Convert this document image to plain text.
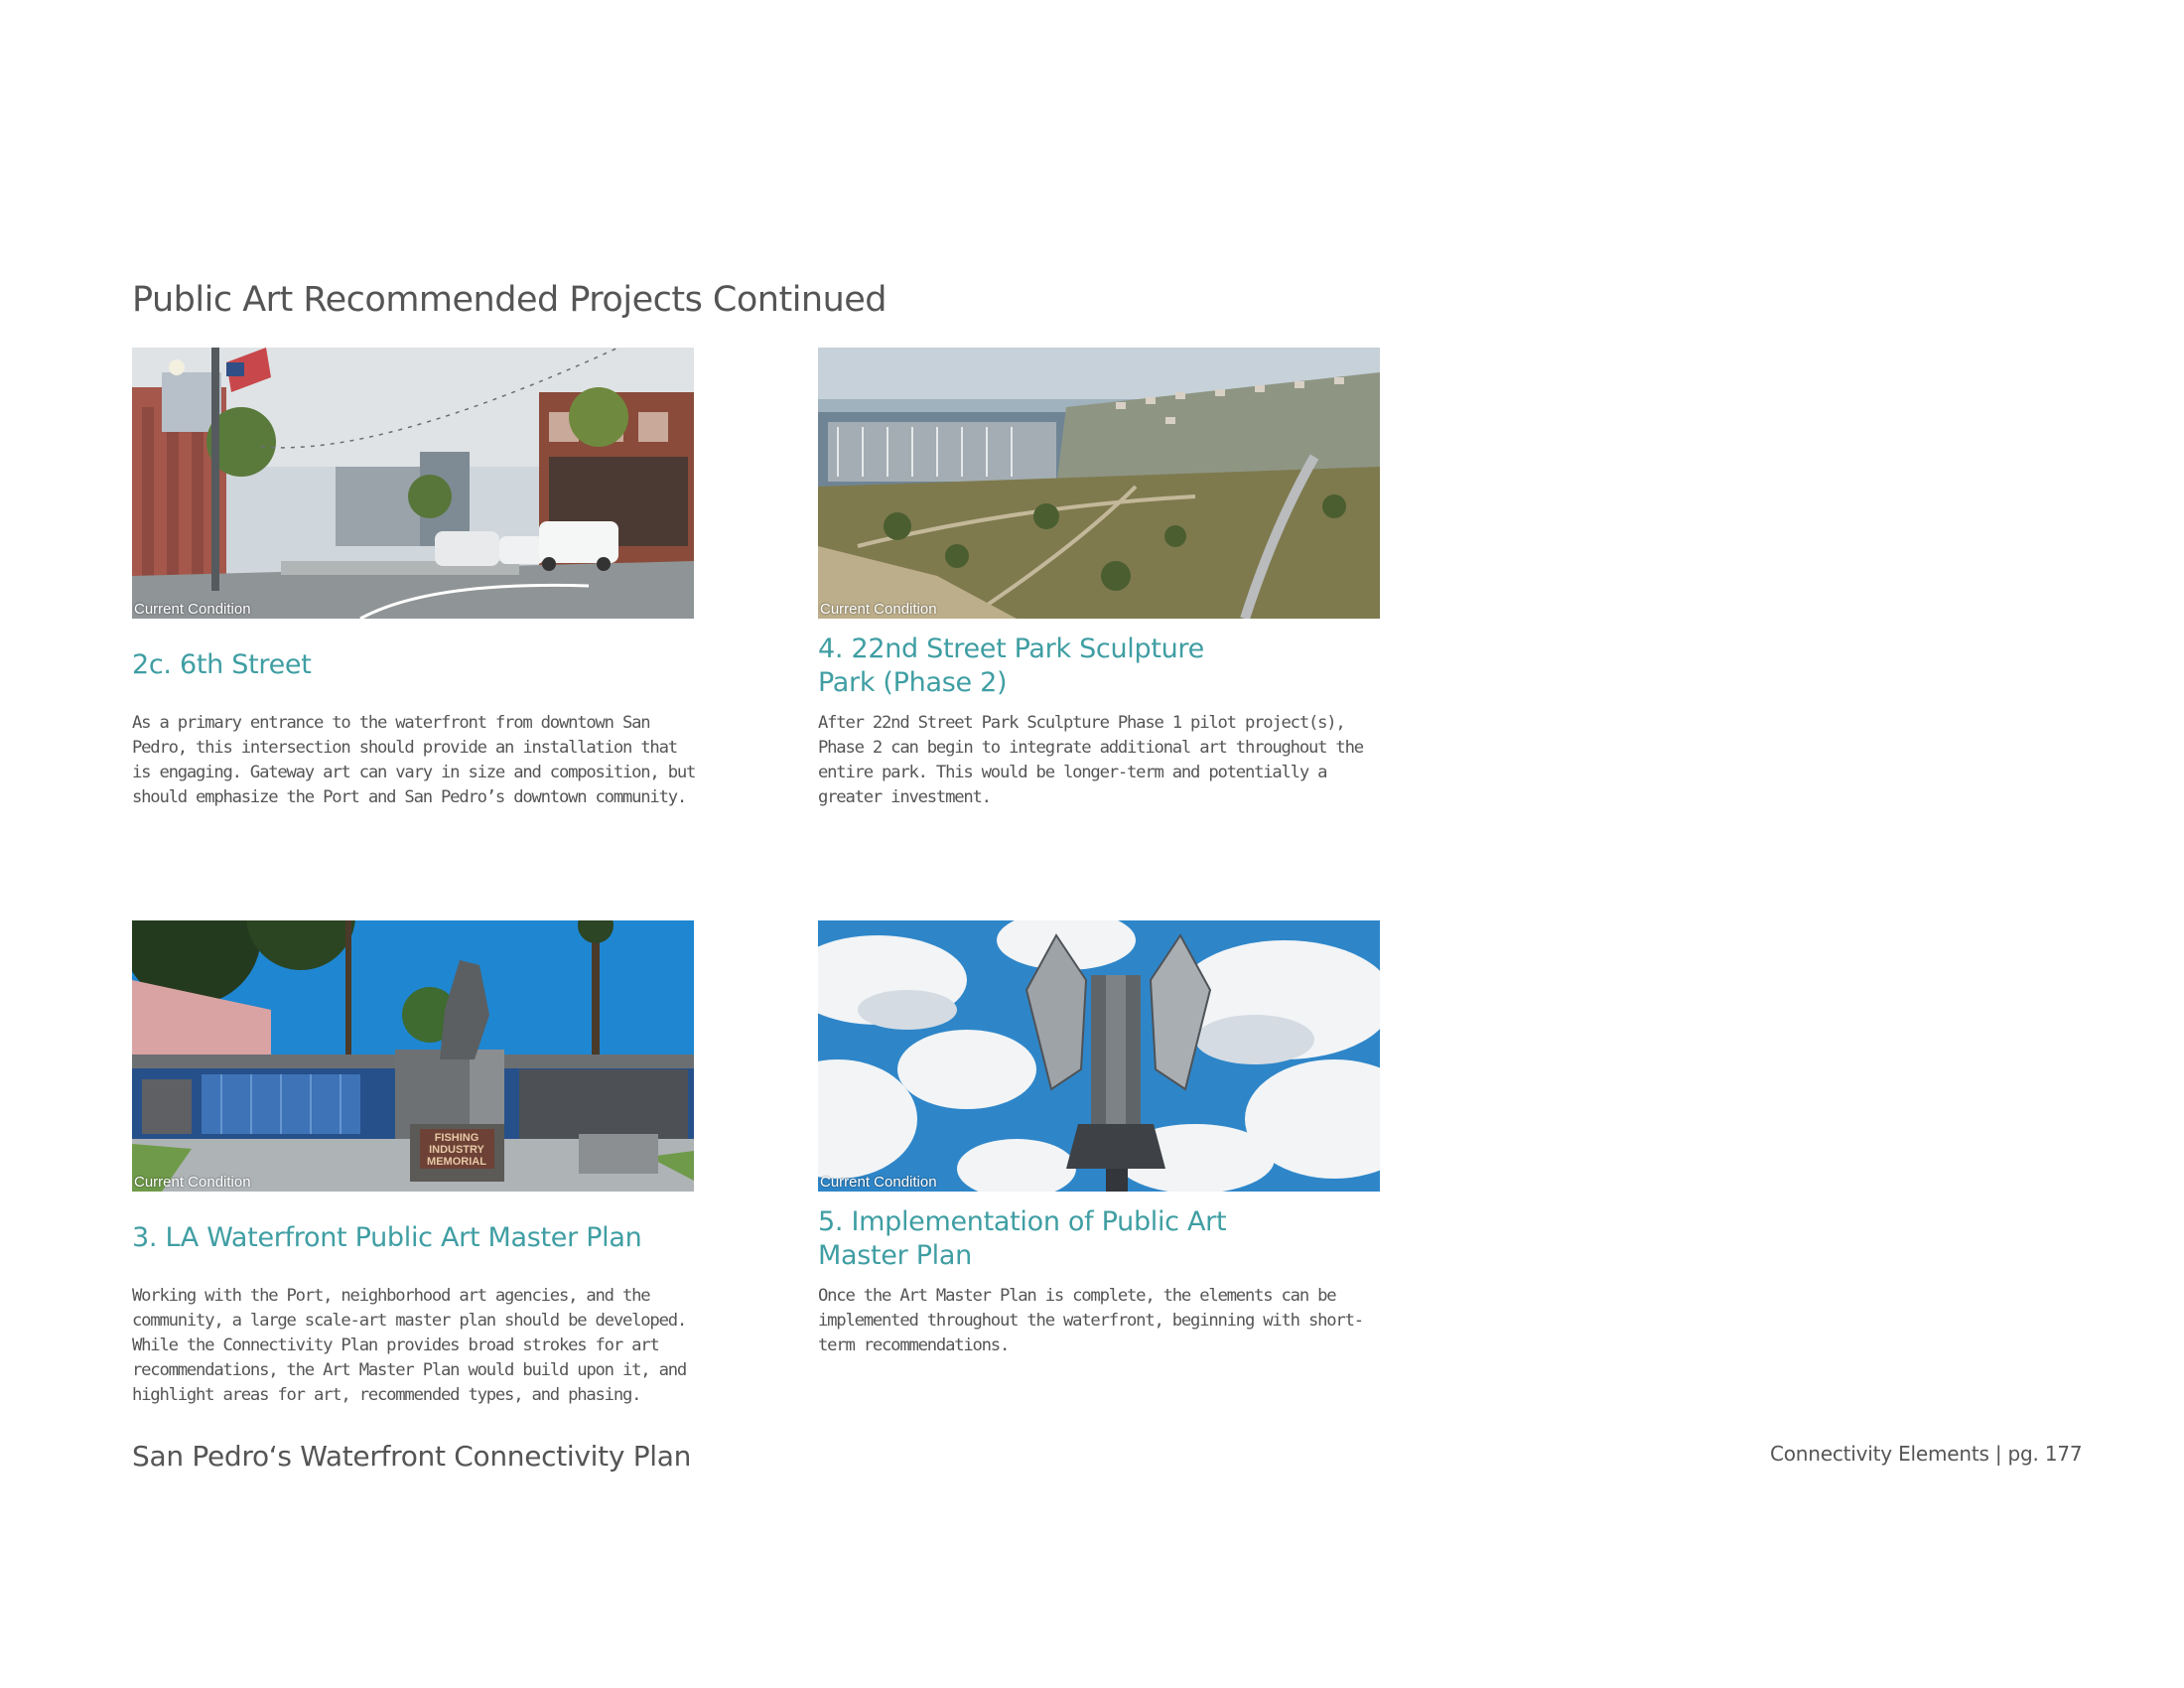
Public Art Recommended Projects Continued
Current Condition
2c. 6th Street

As a primary entrance to the waterfront from downtown San Pedro, this intersection should provide an installation that is engaging. Gateway art can vary in size and composition, but should emphasize the Port and San Pedro’s downtown community.

Current Condition
4. 22nd Street Park Sculpture Park (Phase 2)

After 22nd Street Park Sculpture Phase 1 pilot project(s), Phase 2 can begin to integrate additional art throughout the entire park. This would be longer-term and potentially a greater investment.

FISHING
INDUSTRY
MEMORIAL
Current Condition
3. LA Waterfront Public Art Master Plan

Working with the Port, neighborhood art agencies, and the community, a large scale-art master plan should be developed. While the Connectivity Plan provides broad strokes for art recommendations, the Art Master Plan would build upon it, and highlight areas for art, recommended types, and phasing.

Current Condition
5. Implementation of Public Art Master Plan

Once the Art Master Plan is complete, the elements can be implemented throughout the waterfront, beginning with short-term recommendations.

San Pedro‘s Waterfront Connectivity Plan	Connectivity Elements | pg. 177
